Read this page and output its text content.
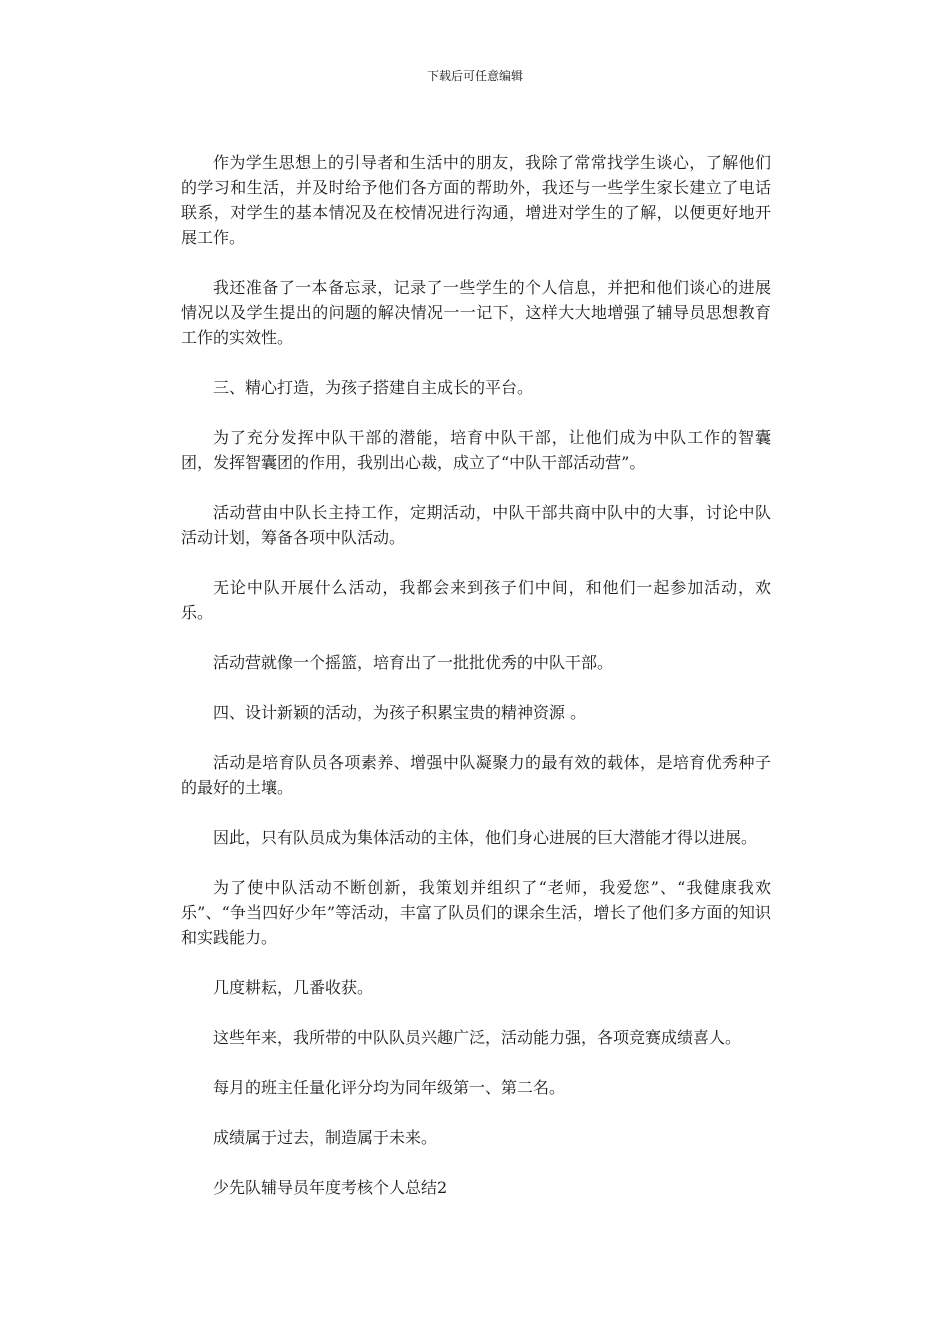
下载后可任意编辑

作为学生思想上的引导者和生活中的朋友，我除了常常找学生谈心，了解他们的学习和生活，并及时给予他们各方面的帮助外，我还与一些学生家长建立了电话联系，对学生的基本情况及在校情况进行沟通，增进对学生的了解，以便更好地开展工作。

我还准备了一本备忘录，记录了一些学生的个人信息，并把和他们谈心的进展情况以及学生提出的问题的解决情况一一记下，这样大大地增强了辅导员思想教育工作的实效性。

三、精心打造，为孩子搭建自主成长的平台。

为了充分发挥中队干部的潜能，培育中队干部，让他们成为中队工作的智囊团，发挥智囊团的作用，我别出心裁，成立了“中队干部活动营”。

活动营由中队长主持工作，定期活动，中队干部共商中队中的大事，讨论中队活动计划，筹备各项中队活动。

无论中队开展什么活动，我都会来到孩子们中间，和他们一起参加活动，欢乐。

活动营就像一个摇篮，培育出了一批批优秀的中队干部。

四、设计新颖的活动，为孩子积累宝贵的精神资源 。

活动是培育队员各项素养、增强中队凝聚力的最有效的载体，是培育优秀种子的最好的土壤。

因此，只有队员成为集体活动的主体，他们身心进展的巨大潜能才得以进展。

为了使中队活动不断创新，我策划并组织了“老师，我爱您”、“我健康我欢乐”、“争当四好少年”等活动，丰富了队员们的课余生活，增长了他们多方面的知识和实践能力。

几度耕耘，几番收获。

这些年来，我所带的中队队员兴趣广泛，活动能力强，各项竞赛成绩喜人。

每月的班主任量化评分均为同年级第一、第二名。

成绩属于过去，制造属于未来。

少先队辅导员年度考核个人总结2
